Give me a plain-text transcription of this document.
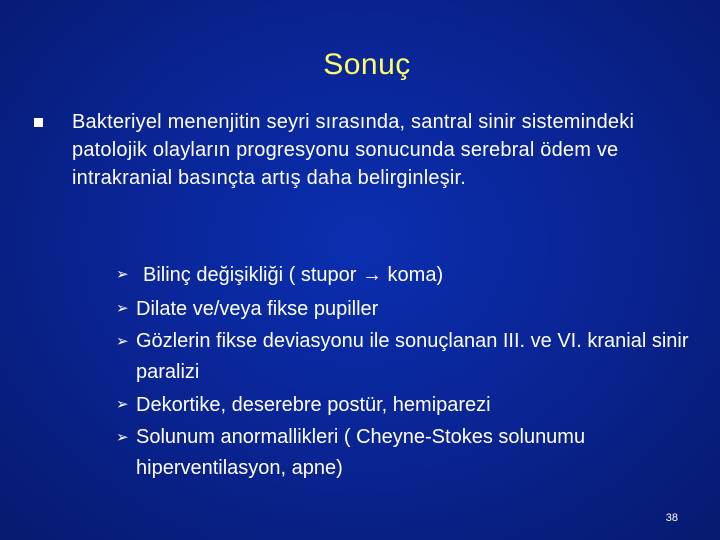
Sonuç
Bakteriyel menenjitin seyri sırasında, santral sinir sistemindeki patolojik olayların progresyonu sonucunda serebral ödem ve intrakranial basınçta artış daha belirginleşir.
➢ Bilinç değişikliği ( stupor → koma)
➢ Dilate ve/veya fikse pupiller
➢ Gözlerin fikse deviasyonu ile sonuçlanan III. ve VI. kranial sinir paralizi
➢ Dekortike, deserebre postür, hemiparezi
➢ Solunum anormallikleri ( Cheyne-Stokes solunumu hiperventilasyon, apne)
38
